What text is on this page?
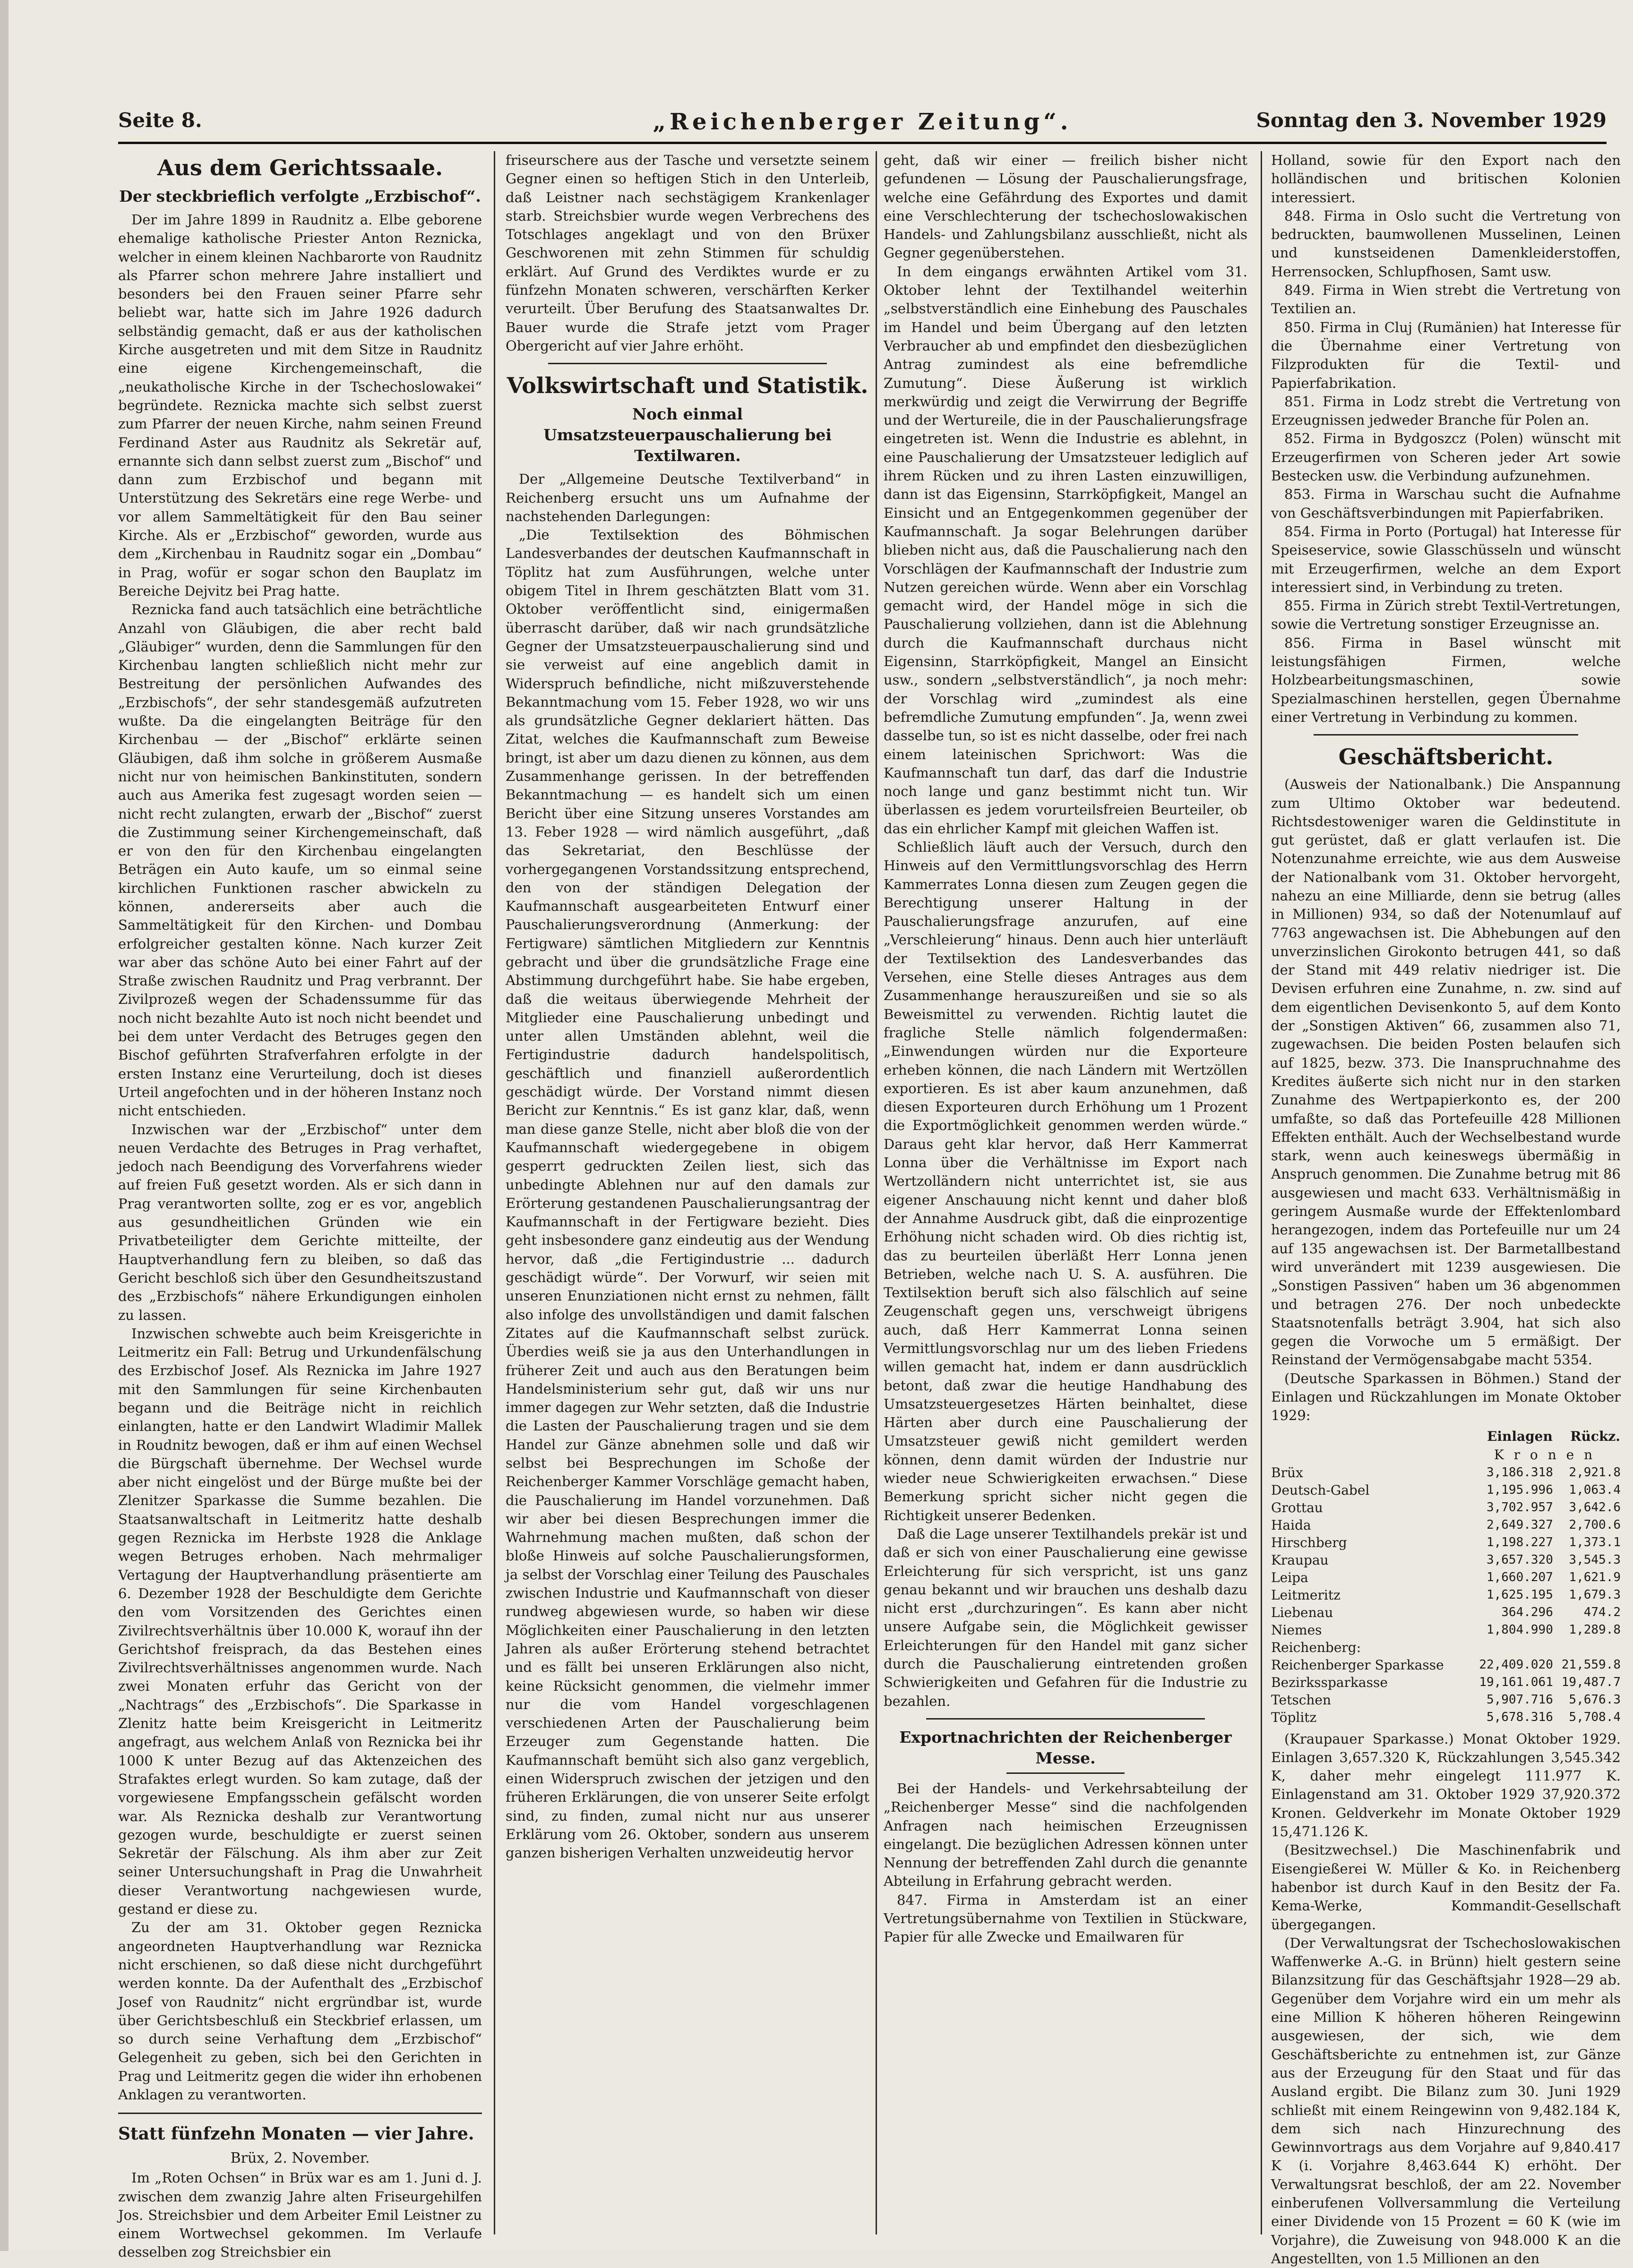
Seite 8.	„Reichenberger Zeitung“.	Sonntag den 3. November 1929
Aus dem Gerichtssaale.
Der steckbrieflich verfolgte „Erzbischof“.

Der im Jahre 1899 in Raudnitz a. Elbe geborene ehemalige katholische Priester Anton Reznicka, welcher in einem kleinen Nachbarorte von Raudnitz als Pfarrer schon mehrere Jahre installiert und besonders bei den Frauen seiner Pfarre sehr beliebt war, hatte sich im Jahre 1926 dadurch selbständig gemacht, daß er aus der katholischen Kirche ausgetreten und mit dem Sitze in Raudnitz eine eigene Kirchengemeinschaft, die „neukatholische Kirche in der Tschechoslowakei“ begründete. Reznicka machte sich selbst zuerst zum Pfarrer der neuen Kirche, nahm seinen Freund Ferdinand Aster aus Raudnitz als Sekretär auf, ernannte sich dann selbst zuerst zum „Bischof“ und dann zum Erzbischof und begann mit Unterstützung des Sekretärs eine rege Werbe- und vor allem Sammeltätigkeit für den Bau seiner Kirche. Als er „Erzbischof“ geworden, wurde aus dem „Kirchenbau in Raudnitz sogar ein „Dombau“ in Prag, wofür er sogar schon den Bauplatz im Bereiche Dejvitz bei Prag hatte.

Reznicka fand auch tatsächlich eine beträchtliche Anzahl von Gläubigen, die aber recht bald „Gläubiger“ wurden, denn die Sammlungen für den Kirchenbau langten schließlich nicht mehr zur Bestreitung der persönlichen Aufwandes des „Erzbischofs“, der sehr standesgemäß aufzutreten wußte. Da die eingelangten Beiträge für den Kirchenbau — der „Bischof“ erklärte seinen Gläubigen, daß ihm solche in größerem Ausmaße nicht nur von heimischen Bankinstituten, sondern auch aus Amerika fest zugesagt worden seien — nicht recht zulangten, erwarb der „Bischof“ zuerst die Zustimmung seiner Kirchengemeinschaft, daß er von den für den Kirchenbau eingelangten Beträgen ein Auto kaufe, um so einmal seine kirchlichen Funktionen rascher abwickeln zu können, andererseits aber auch die Sammeltätigkeit für den Kirchen- und Dombau erfolgreicher gestalten könne. Nach kurzer Zeit war aber das schöne Auto bei einer Fahrt auf der Straße zwischen Raudnitz und Prag verbrannt. Der Zivilprozeß wegen der Schadenssumme für das noch nicht bezahlte Auto ist noch nicht beendet und bei dem unter Verdacht des Betruges gegen den Bischof geführten Strafverfahren erfolgte in der ersten Instanz eine Verurteilung, doch ist dieses Urteil angefochten und in der höheren Instanz noch nicht entschieden.

Inzwischen war der „Erzbischof“ unter dem neuen Verdachte des Betruges in Prag verhaftet, jedoch nach Beendigung des Vorverfahrens wieder auf freien Fuß gesetzt worden. Als er sich dann in Prag verantworten sollte, zog er es vor, angeblich aus gesundheitlichen Gründen wie ein Privatbeteiligter dem Gerichte mitteilte, der Hauptverhandlung fern zu bleiben, so daß das Gericht beschloß sich über den Gesundheitszustand des „Erzbischofs“ nähere Erkundigungen einholen zu lassen.

Inzwischen schwebte auch beim Kreisgerichte in Leitmeritz ein Fall: Betrug und Urkundenfälschung des Erzbischof Josef. Als Reznicka im Jahre 1927 mit den Sammlungen für seine Kirchenbauten begann und die Beiträge nicht in reichlich einlangten, hatte er den Landwirt Wladimir Mallek in Roudnitz bewogen, daß er ihm auf einen Wechsel die Bürgschaft übernehme. Der Wechsel wurde aber nicht eingelöst und der Bürge mußte bei der Zlenitzer Sparkasse die Summe bezahlen. Die Staatsanwaltschaft in Leitmeritz hatte deshalb gegen Reznicka im Herbste 1928 die Anklage wegen Betruges erhoben. Nach mehrmaliger Vertagung der Hauptverhandlung präsentierte am 6. Dezember 1928 der Beschuldigte dem Gerichte den vom Vorsitzenden des Gerichtes einen Zivilrechtsverhältnis über 10.000 K, worauf ihn der Gerichtshof freisprach, da das Bestehen eines Zivilrechtsverhältnisses angenommen wurde. Nach zwei Monaten erfuhr das Gericht von der „Nachtrags“ des „Erzbischofs“. Die Sparkasse in Zlenitz hatte beim Kreisgericht in Leitmeritz angefragt, aus welchem Anlaß von Reznicka bei ihr 1000 K unter Bezug auf das Aktenzeichen des Strafaktes erlegt wurden. So kam zutage, daß der vorgewiesene Empfangsschein gefälscht worden war. Als Reznicka deshalb zur Verantwortung gezogen wurde, beschuldigte er zuerst seinen Sekretär der Fälschung. Als ihm aber zur Zeit seiner Untersuchungshaft in Prag die Unwahrheit dieser Verantwortung nachgewiesen wurde, gestand er diese zu.

Zu der am 31. Oktober gegen Reznicka angeordneten Hauptverhandlung war Reznicka nicht erschienen, so daß diese nicht durchgeführt werden konnte. Da der Aufenthalt des „Erzbischof Josef von Raudnitz“ nicht ergründbar ist, wurde über Gerichtsbeschluß ein Steckbrief erlassen, um so durch seine Verhaftung dem „Erzbischof“ Gelegenheit zu geben, sich bei den Gerichten in Prag und Leitmeritz gegen die wider ihn erhobenen Anklagen zu verantworten.

Statt fünfzehn Monaten — vier Jahre.
Brüx, 2. November.

Im „Roten Ochsen“ in Brüx war es am 1. Juni d. J. zwischen dem zwanzig Jahre alten Friseurgehilfen Jos. Streichsbier und dem Arbeiter Emil Leistner zu einem Wortwechsel gekommen. Im Verlaufe desselben zog Streichsbier ein

friseurschere aus der Tasche und versetzte seinem Gegner einen so heftigen Stich in den Unterleib, daß Leistner nach sechstägigem Krankenlager starb. Streichsbier wurde wegen Verbrechens des Totschlages angeklagt und von den Brüxer Geschworenen mit zehn Stimmen für schuldig erklärt. Auf Grund des Verdiktes wurde er zu fünfzehn Monaten schweren, verschärften Kerker verurteilt. Über Berufung des Staatsanwaltes Dr. Bauer wurde die Strafe jetzt vom Prager Obergericht auf vier Jahre erhöht.

Volkswirtschaft und Statistik.
Noch einmal Umsatzsteuerpauschalierung bei Textilwaren.

Der „Allgemeine Deutsche Textilverband“ in Reichenberg ersucht uns um Aufnahme der nachstehenden Darlegungen:

„Die Textilsektion des Böhmischen Landesverbandes der deutschen Kaufmannschaft in Töplitz hat zum Ausführungen, welche unter obigem Titel in Ihrem geschätzten Blatt vom 31. Oktober veröffentlicht sind, einigermaßen überrascht darüber, daß wir nach grundsätzliche Gegner der Umsatzsteuerpauschalierung sind und sie verweist auf eine angeblich damit in Widerspruch befindliche, nicht mißzuverstehende Bekanntmachung vom 15. Feber 1928, wo wir uns als grundsätzliche Gegner deklariert hätten. Das Zitat, welches die Kaufmannschaft zum Beweise bringt, ist aber um dazu dienen zu können, aus dem Zusammenhange gerissen. In der betreffenden Bekanntmachung — es handelt sich um einen Bericht über eine Sitzung unseres Vorstandes am 13. Feber 1928 — wird nämlich ausgeführt, „daß das Sekretariat, den Beschlüsse der vorhergegangenen Vorstandssitzung entsprechend, den von der ständigen Delegation der Kaufmannschaft ausgearbeiteten Entwurf einer Pauschalierungsverordnung (Anmerkung: der Fertigware) sämtlichen Mitgliedern zur Kenntnis gebracht und über die grundsätzliche Frage eine Abstimmung durchgeführt habe. Sie habe ergeben, daß die weitaus überwiegende Mehrheit der Mitglieder eine Pauschalierung unbedingt und unter allen Umständen ablehnt, weil die Fertigindustrie dadurch handelspolitisch, geschäftlich und finanziell außerordentlich geschädigt würde. Der Vorstand nimmt diesen Bericht zur Kenntnis.“ Es ist ganz klar, daß, wenn man diese ganze Stelle, nicht aber bloß die von der Kaufmannschaft wiedergegebene in obigem gesperrt gedruckten Zeilen liest, sich das unbedingte Ablehnen nur auf den damals zur Erörterung gestandenen Pauschalierungsantrag der Kaufmannschaft in der Fertigware bezieht. Dies geht insbesondere ganz eindeutig aus der Wendung hervor, daß „die Fertigindustrie ... dadurch geschädigt würde“. Der Vorwurf, wir seien mit unseren Enunziationen nicht ernst zu nehmen, fällt also infolge des unvollständigen und damit falschen Zitates auf die Kaufmannschaft selbst zurück. Überdies weiß sie ja aus den Unterhandlungen in früherer Zeit und auch aus den Beratungen beim Handelsministerium sehr gut, daß wir uns nur immer dagegen zur Wehr setzten, daß die Industrie die Lasten der Pauschalierung tragen und sie dem Handel zur Gänze abnehmen solle und daß wir selbst bei Besprechungen im Schoße der Reichenberger Kammer Vorschläge gemacht haben, die Pauschalierung im Handel vorzunehmen. Daß wir aber bei diesen Besprechungen immer die Wahrnehmung machen mußten, daß schon der bloße Hinweis auf solche Pauschalierungsformen, ja selbst der Vorschlag einer Teilung des Pauschales zwischen Industrie und Kaufmannschaft von dieser rundweg abgewiesen wurde, so haben wir diese Möglichkeiten einer Pauschalierung in den letzten Jahren als außer Erörterung stehend betrachtet und es fällt bei unseren Erklärungen also nicht, keine Rücksicht genommen, die vielmehr immer nur die vom Handel vorgeschlagenen verschiedenen Arten der Pauschalierung beim Erzeuger zum Gegenstande hatten. Die Kaufmannschaft bemüht sich also ganz vergeblich, einen Widerspruch zwischen der jetzigen und den früheren Erklärungen, die von unserer Seite erfolgt sind, zu finden, zumal nicht nur aus unserer Erklärung vom 26. Oktober, sondern aus unserem ganzen bisherigen Verhalten unzweideutig hervor

geht, daß wir einer — freilich bisher nicht gefundenen — Lösung der Pauschalierungsfrage, welche eine Gefährdung des Exportes und damit eine Verschlechterung der tschechoslowakischen Handels- und Zahlungsbilanz ausschließt, nicht als Gegner gegenüberstehen.

In dem eingangs erwähnten Artikel vom 31. Oktober lehnt der Textilhandel weiterhin „selbstverständlich eine Einhebung des Pauschales im Handel und beim Übergang auf den letzten Verbraucher ab und empfindet den diesbezüglichen Antrag zumindest als eine befremdliche Zumutung“. Diese Äußerung ist wirklich merkwürdig und zeigt die Verwirrung der Begriffe und der Wertureile, die in der Pauschalierungsfrage eingetreten ist. Wenn die Industrie es ablehnt, in eine Pauschalierung der Umsatzsteuer lediglich auf ihrem Rücken und zu ihren Lasten einzuwilligen, dann ist das Eigensinn, Starrköpfigkeit, Mangel an Einsicht und an Entgegenkommen gegenüber der Kaufmannschaft. Ja sogar Belehrungen darüber blieben nicht aus, daß die Pauschalierung nach den Vorschlägen der Kaufmannschaft der Industrie zum Nutzen gereichen würde. Wenn aber ein Vorschlag gemacht wird, der Handel möge in sich die Pauschalierung vollziehen, dann ist die Ablehnung durch die Kaufmannschaft durchaus nicht Eigensinn, Starrköpfigkeit, Mangel an Einsicht usw., sondern „selbstverständlich“, ja noch mehr: der Vorschlag wird „zumindest als eine befremdliche Zumutung empfunden“. Ja, wenn zwei dasselbe tun, so ist es nicht dasselbe, oder frei nach einem lateinischen Sprichwort: Was die Kaufmannschaft tun darf, das darf die Industrie noch lange und ganz bestimmt nicht tun. Wir überlassen es jedem vorurteilsfreien Beurteiler, ob das ein ehrlicher Kampf mit gleichen Waffen ist.

Schließlich läuft auch der Versuch, durch den Hinweis auf den Vermittlungsvorschlag des Herrn Kammerrates Lonna diesen zum Zeugen gegen die Berechtigung unserer Haltung in der Pauschalierungsfrage anzurufen, auf eine „Verschleierung“ hinaus. Denn auch hier unterläuft der Textilsektion des Landesverbandes das Versehen, eine Stelle dieses Antrages aus dem Zusammenhange herauszureißen und sie so als Beweismittel zu verwenden. Richtig lautet die fragliche Stelle nämlich folgendermaßen: „Einwendungen würden nur die Exporteure erheben können, die nach Ländern mit Wertzöllen exportieren. Es ist aber kaum anzunehmen, daß diesen Exporteuren durch Erhöhung um 1 Prozent die Exportmöglichkeit genommen werden würde.“ Daraus geht klar hervor, daß Herr Kammerrat Lonna über die Verhältnisse im Export nach Wertzolländern nicht unterrichtet ist, sie aus eigener Anschauung nicht kennt und daher bloß der Annahme Ausdruck gibt, daß die einprozentige Erhöhung nicht schaden wird. Ob dies richtig ist, das zu beurteilen überläßt Herr Lonna jenen Betrieben, welche nach U. S. A. ausführen. Die Textilsektion beruft sich also fälschlich auf seine Zeugenschaft gegen uns, verschweigt übrigens auch, daß Herr Kammerrat Lonna seinen Vermittlungsvorschlag nur um des lieben Friedens willen gemacht hat, indem er dann ausdrücklich betont, daß zwar die heutige Handhabung des Umsatzsteuergesetzes Härten beinhaltet, diese Härten aber durch eine Pauschalierung der Umsatzsteuer gewiß nicht gemildert werden können, denn damit würden der Industrie nur wieder neue Schwierigkeiten erwachsen.“ Diese Bemerkung spricht sicher nicht gegen die Richtigkeit unserer Bedenken.

Daß die Lage unserer Textilhandels prekär ist und daß er sich von einer Pauschalierung eine gewisse Erleichterung für sich verspricht, ist uns ganz genau bekannt und wir brauchen uns deshalb dazu nicht erst „durchzuringen“. Es kann aber nicht unsere Aufgabe sein, die Möglichkeit gewisser Erleichterungen für den Handel mit ganz sicher durch die Pauschalierung eintretenden großen Schwierigkeiten und Gefahren für die Industrie zu bezahlen.

Exportnachrichten der Reichenberger Messe.

Bei der Handels- und Verkehrsabteilung der „Reichenberger Messe“ sind die nachfolgenden Anfragen nach heimischen Erzeugnissen eingelangt. Die bezüglichen Adressen können unter Nennung der betreffenden Zahl durch die genannte Abteilung in Erfahrung gebracht werden.

847. Firma in Amsterdam ist an einer Vertretungsübernahme von Textilien in Stückware, Papier für alle Zwecke und Emailwaren für

Holland, sowie für den Export nach den holländischen und britischen Kolonien interessiert.

848. Firma in Oslo sucht die Vertretung von bedruckten, baumwollenen Musselinen, Leinen und kunstseidenen Damenkleiderstoffen, Herrensocken, Schlupfhosen, Samt usw.

849. Firma in Wien strebt die Vertretung von Textilien an.

850. Firma in Cluj (Rumänien) hat Interesse für die Übernahme einer Vertretung von Filzprodukten für die Textil- und Papierfabrikation.

851. Firma in Lodz strebt die Vertretung von Erzeugnissen jedweder Branche für Polen an.

852. Firma in Bydgoszcz (Polen) wünscht mit Erzeugerfirmen von Scheren jeder Art sowie Bestecken usw. die Verbindung aufzunehmen.

853. Firma in Warschau sucht die Aufnahme von Geschäftsverbindungen mit Papierfabriken.

854. Firma in Porto (Portugal) hat Interesse für Speiseservice, sowie Glasschüsseln und wünscht mit Erzeugerfirmen, welche an dem Export interessiert sind, in Verbindung zu treten.

855. Firma in Zürich strebt Textil-Vertretungen, sowie die Vertretung sonstiger Erzeugnisse an.

856. Firma in Basel wünscht mit leistungsfähigen Firmen, welche Holzbearbeitungsmaschinen, sowie Spezialmaschinen herstellen, gegen Übernahme einer Vertretung in Verbindung zu kommen.

Geschäftsbericht.

(Ausweis der Nationalbank.) Die Anspannung zum Ultimo Oktober war bedeutend. Richtsdestoweniger waren die Geldinstitute in gut gerüstet, daß er glatt verlaufen ist. Die Notenzunahme erreichte, wie aus dem Ausweise der Nationalbank vom 31. Oktober hervorgeht, nahezu an eine Milliarde, denn sie betrug (alles in Millionen) 934, so daß der Notenumlauf auf 7763 angewachsen ist. Die Abhebungen auf den unverzinslichen Girokonto betrugen 441, so daß der Stand mit 449 relativ niedriger ist. Die Devisen erfuhren eine Zunahme, n. zw. sind auf dem eigentlichen Devisenkonto 5, auf dem Konto der „Sonstigen Aktiven“ 66, zusammen also 71, zugewachsen. Die beiden Posten belaufen sich auf 1825, bezw. 373. Die Inanspruchnahme des Kredites äußerte sich nicht nur in den starken Zunahme des Wertpapierkonto es, der 200 umfaßte, so daß das Portefeuille 428 Millionen Effekten enthält. Auch der Wechselbestand wurde stark, wenn auch keineswegs übermäßig in Anspruch genommen. Die Zunahme betrug mit 86 ausgewiesen und macht 633. Verhältnismäßig in geringem Ausmaße wurde der Effektenlombard herangezogen, indem das Portefeuille nur um 24 auf 135 angewachsen ist. Der Barmetallbestand wird unverändert mit 1239 ausgewiesen. Die „Sonstigen Passiven“ haben um 36 abgenommen und betragen 276. Der noch unbedeckte Staatsnotenfalls beträgt 3.904, hat sich also gegen die Vorwoche um 5 ermäßigt. Der Reinstand der Vermögensabgabe macht 5354.

(Deutsche Sparkassen in Böhmen.) Stand der Einlagen und Rückzahlungen im Monate Oktober 1929:

	Einlagen	Rückz.
	K r o n e n	
Brüx	3,186.318	2,921.8
Deutsch-Gabel	1,195.996	1,063.4
Grottau	3,702.957	3,642.6
Haida	2,649.327	2,700.6
Hirschberg	1,198.227	1,373.1
Kraupau	3,657.320	3,545.3
Leipa	1,660.207	1,621.9
Leitmeritz	1,625.195	1,679.3
Liebenau	364.296	474.2
Niemes	1,804.990	1,289.8
Reichenberg:		
Reichenberger Sparkasse	22,409.020	21,559.8
Bezirkssparkasse	19,161.061	19,487.7
Tetschen	5,907.716	5,676.3
Töplitz	5,678.316	5,708.4

(Kraupauer Sparkasse.) Monat Oktober 1929. Einlagen 3,657.320 K, Rückzahlungen 3,545.342 K, daher mehr eingelegt 111.977 K. Einlagenstand am 31. Oktober 1929 37,920.372 Kronen. Geldverkehr im Monate Oktober 1929 15,471.126 K.

(Besitzwechsel.) Die Maschinenfabrik und Eisengießerei W. Müller & Ko. in Reichenberg habenbor ist durch Kauf in den Besitz der Fa. Kema-Werke, Kommandit-Gesellschaft übergegangen.

(Der Verwaltungsrat der Tschechoslowakischen Waffenwerke A.-G. in Brünn) hielt gestern seine Bilanzsitzung für das Geschäftsjahr 1928—29 ab. Gegenüber dem Vorjahre wird ein um mehr als eine Million K höheren höheren Reingewinn ausgewiesen, der sich, wie dem Geschäftsberichte zu entnehmen ist, zur Gänze aus der Erzeugung für den Staat und für das Ausland ergibt. Die Bilanz zum 30. Juni 1929 schließt mit einem Reingewinn von 9,482.184 K, dem sich nach Hinzurechnung des Gewinnvortrags aus dem Vorjahre auf 9,840.417 K (i. Vorjahre 8,463.644 K) erhöht. Der Verwaltungsrat beschloß, der am 22. November einberufenen Vollversammlung die Verteilung einer Dividende von 15 Prozent = 60 K (wie im Vorjahre), die Zuweisung von 948.000 K an die Angestellten, von 1.5 Millionen an den
